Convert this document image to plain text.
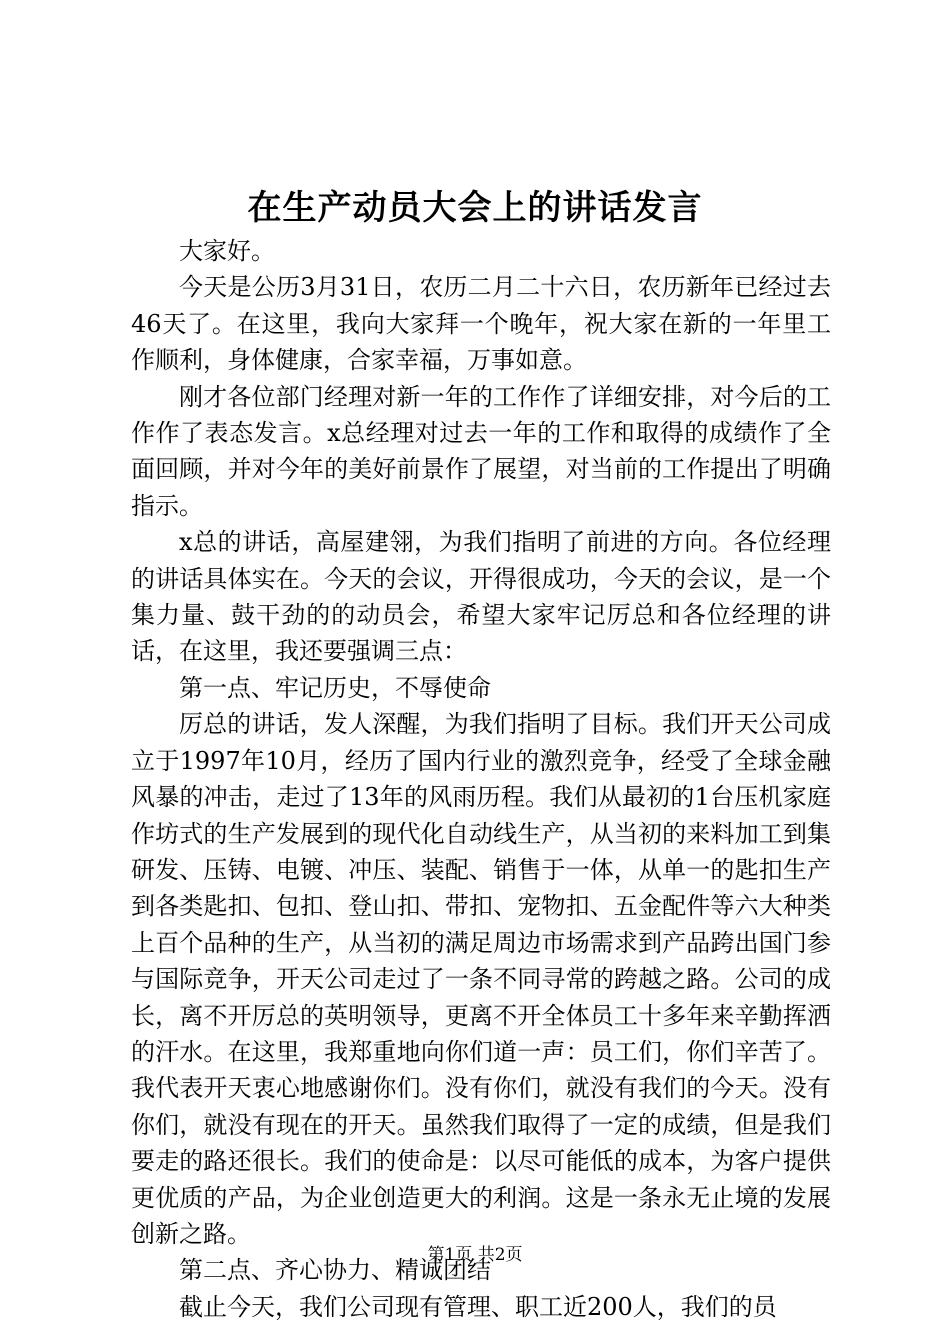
在生产动员大会上的讲话发言

大家好。

今天是公历3月31日，农历二月二十六日，农历新年已经过去46天了。在这里，我向大家拜一个晚年，祝大家在新的一年里工作顺利，身体健康，合家幸福，万事如意。

刚才各位部门经理对新一年的工作作了详细安排，对今后的工作作了表态发言。x总经理对过去一年的工作和取得的成绩作了全面回顾，并对今年的美好前景作了展望，对当前的工作提出了明确指示。

x总的讲话，高屋建翎，为我们指明了前进的方向。各位经理的讲话具体实在。今天的会议，开得很成功，今天的会议，是一个集力量、鼓干劲的的动员会，希望大家牢记厉总和各位经理的讲话，在这里，我还要强调三点：

第一点、牢记历史，不辱使命

厉总的讲话，发人深醒，为我们指明了目标。我们开天公司成立于1997年10月，经历了国内行业的激烈竞争，经受了全球金融风暴的冲击，走过了13年的风雨历程。我们从最初的1台压机家庭作坊式的生产发展到的现代化自动线生产，从当初的来料加工到集研发、压铸、电镀、冲压、装配、销售于一体，从单一的匙扣生产到各类匙扣、包扣、登山扣、带扣、宠物扣、五金配件等六大种类上百个品种的生产，从当初的满足周边市场需求到产品跨出国门参与国际竞争，开天公司走过了一条不同寻常的跨越之路。公司的成长，离不开厉总的英明领导，更离不开全体员工十多年来辛勤挥洒的汗水。在这里，我郑重地向你们道一声：员工们，你们辛苦了。我代表开天衷心地感谢你们。没有你们，就没有我们的今天。没有你们，就没有现在的开天。虽然我们取得了一定的成绩，但是我们要走的路还很长。我们的使命是：以尽可能低的成本，为客户提供更优质的产品，为企业创造更大的利润。这是一条永无止境的发展创新之路。

第二点、齐心协力、精诚团结

截止今天，我们公司现有管理、职工近200人，我们的员

第1页 共2页
